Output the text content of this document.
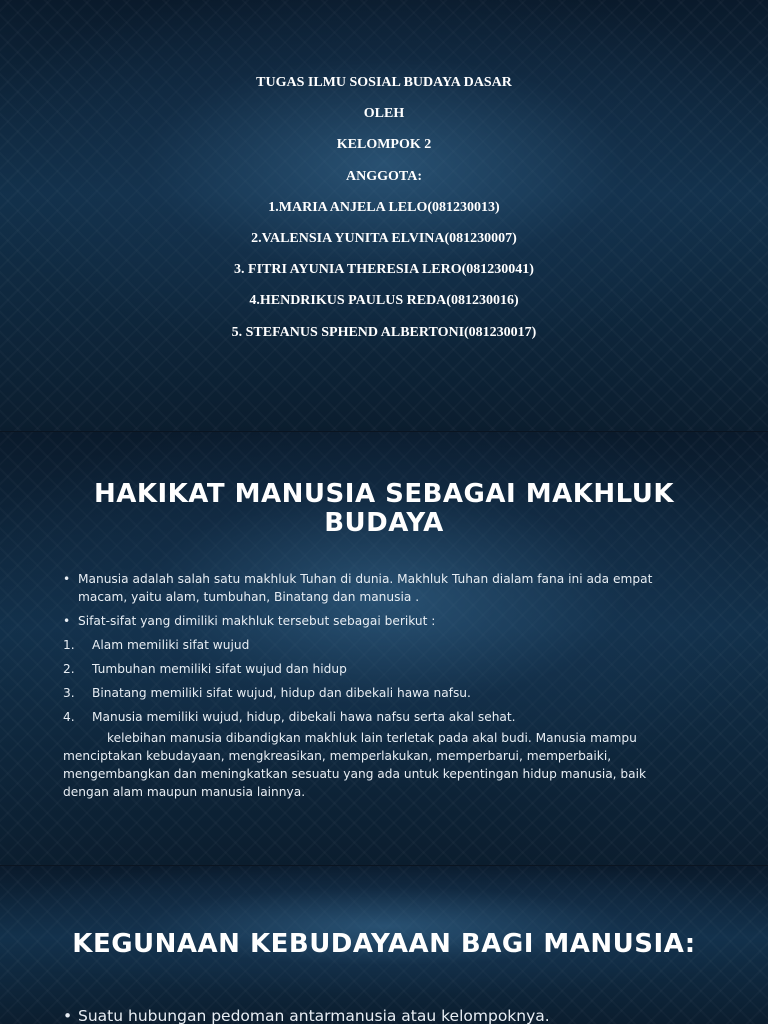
TUGAS ILMU SOSIAL BUDAYA DASAR
OLEH
KELOMPOK 2
ANGGOTA:
1.MARIA ANJELA LELO(081230013)
2.VALENSIA YUNITA ELVINA(081230007)
3. FITRI AYUNIA THERESIA LERO(081230041)
4.HENDRIKUS PAULUS REDA(081230016)
5. STEFANUS SPHEND ALBERTONI(081230017)
HAKIKAT MANUSIA SEBAGAI MAKHLUK BUDAYA
• Manusia adalah salah satu makhluk Tuhan di dunia. Makhluk Tuhan dialam fana ini ada empat macam, yaitu alam, tumbuhan, Binatang dan manusia .
• Sifat-sifat yang dimiliki makhluk tersebut sebagai berikut :
1. Alam memiliki sifat wujud
2. Tumbuhan memiliki sifat wujud dan hidup
3. Binatang memiliki sifat wujud, hidup dan dibekali hawa nafsu.
4. Manusia memiliki wujud, hidup, dibekali hawa nafsu serta akal sehat.
kelebihan manusia dibandigkan makhluk lain terletak pada akal budi. Manusia mampu menciptakan kebudayaan, mengkreasikan, memperlakukan, memperbarui, memperbaiki, mengembangkan dan meningkatkan sesuatu yang ada untuk kepentingan hidup manusia, baik dengan alam maupun manusia lainnya.
KEGUNAAN KEBUDAYAAN BAGI MANUSIA:
• Suatu hubungan pedoman antarmanusia atau kelompoknya.
